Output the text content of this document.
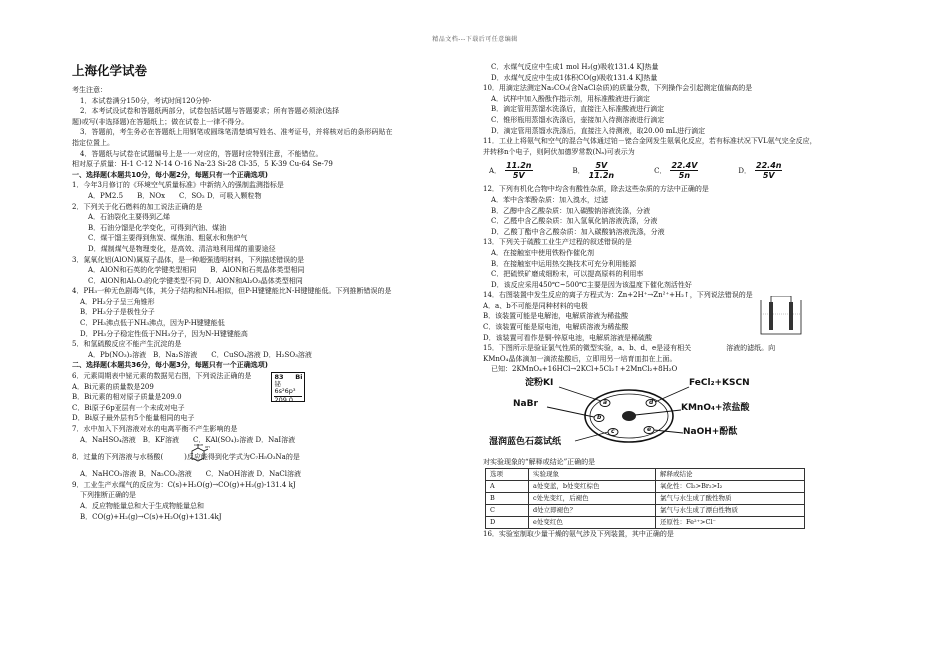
精品文档---下载后可任意编辑
上海化学试卷
考生注意：
1．本试卷满分150分，考试时间120分钟·
2．本考试设试卷和答题纸两部分，试卷包括试题与答题要求；所有答题必须涂(选择
题)或写(非选择题)在答题纸上；做在试卷上一律不得分。
3．答题前，考生务必在答题纸上用钢笔或圆珠笔清楚填写姓名、准考证号，并将核对后的条形码贴在
指定位置上。
4．答题纸与试卷在试题编号上是一一对应的，答题时应特别注意，不能错位。
相对原子质量：H-1 C-12 N-14 O-16 Na-23 Si-28 Cl-35．5 K-39 Cu-64 Se-79
一、选择题(本题共10分，每小题2分，每题只有一个正确选项)
1．今年3月修订的《环境空气质量标准》中新纳入的强制监测指标是
A．PM2.5　　B．NOx　　C．SO₂ D．可吸入颗粒物
2．下列关于化石燃料的加工说法正确的是
A．石油裂化主要得到乙烯
B．石油分馏是化学变化，可得到汽油、煤油
C．煤干馏主要得到焦炭、煤焦油、粗氨水和焦炉气
D．煤制煤气是物理变化，是高效、清洁地利用煤的重要途径
3．氮氧化铝(AlON)属原子晶体，是一种超强透明材料，下列描述错误的是
A．AlON和石英的化学键类型相同　　B．AlON和石英晶体类型相同
C．AlON和Al₂O₃的化学键类型不同 D．AlON和Al₂O₃晶体类型相同
4．PH₃一种无色剧毒气体，其分子结构和NH₃相似，但P-H键键能比N-H键键能低。下列推断错误的是
A．PH₃分子呈三角锥形
B．PH₃分子是极性分子
C．PH₃沸点低于NH₃沸点，因为P-H键键能低
D．PH₃分子稳定性低于NH₃分子，因为N-H键键能高
5．和氢硫酸反应不能产生沉淀的是
A．Pb(NO₃)₂溶液　B．Na₂S溶液　　C．CuSO₄溶液 D．H₂SO₃溶液
二、选择题(本题共36分，每小题3分，每题只有一个正确选项)
6．元素周期表中铋元素的数据见右图，下列说法正确的是
A．Bi元素的质量数是209
B．Bi元素的相对原子质量是209.0
83 Bi
铋
6s²6p³
209.0
C．Bi原子6p亚层有一个未成对电子
D．Bi原子最外层有5个能量相同的电子
7．水中加入下列溶液对水的电离平衡不产生影响的是
A．NaHSO₄溶液　B．KF溶液　　C．KAl(SO₄)₂溶液 D．NaI溶液
8．过量的下列溶液与水杨酸(　　　)反应能得到化学式为C₇H₅O₃Na的是
COOH OH
A．NaHCO₃溶液 B．Na₂CO₃溶液　　C．NaOH溶液 D．NaCl溶液
9．工业生产水煤气的反应为：C(s)+H₂O(g)→CO(g)+H₂(g)-131.4 kJ
下列推断正确的是
A．反应物能量总和大于生成物能量总和
B．CO(g)+H₂(g)→C(s)+H₂O(g)+131.4kJ
C．水煤气反应中生成1 mol H₂(g)吸收131.4 KJ热量
D．水煤气反应中生成1体积CO(g)吸收131.4 KJ热量
10．用滴定法测定Na₂CO₃(含NaCl杂质)的质量分数，下列操作会引起测定值偏高的是
A．试样中加入酚酞作指示剂，用标准酸液进行滴定
B．滴定管用蒸馏水洗涤后，直接注入标准酸液进行滴定
C．锥形瓶用蒸馏水洗涤后，壶接加入待测溶液进行滴定
D．滴定管用蒸馏水洗涤后，直接注入待测液，取20.00 mL进行滴定
11．工业上将氨气和空气的混合气体通过铂－铑合金网发生氨氧化反应，若有标准状况下VL氨气完全反应，
并转移n个电子，则阿伏加德罗常数(Nₐ)可表示为
A． $\frac{11.2n}{5V}$	B． $\frac{5V}{11.2n}$	C． $\frac{22.4V}{5n}$	D． $\frac{22.4n}{5V}$
12．下列有机化合物中均含有酸性杂质，除去这些杂质的方法中正确的是
A．苯中含苯酚杂质：加入溴水，过滤
B．乙醇中含乙酸杂质：加入碳酸钠溶液洗涤，分液
C．乙醛中含乙酸杂质：加入氢氧化钠溶液洗涤，分液
D．乙酸丁酯中含乙酸杂质：加入碳酸钠溶液洗涤，分液
13．下列关于硫酸工业生产过程的叙述错误的是
A．在接触室中使用铁粉作催化剂
B．在接触室中运用热交换技术可充分利用能源
C．把硫铁矿磨成细粉末，可以提高原料的利用率
D．该反应采用450℃~500℃主要是因为该温度下催化剂活性好
14．右图装置中发生反应的离子方程式为：Zn+2H⁺→Zn²⁺+H₂↑，下列说法错误的是
A．a、b不可能是同种材料的电极
B．该装置可能是电解池，电解质溶液为稀盐酸
C．该装置可能是原电池，电解质溶液为稀盐酸
D．该装置可看作是铜-锌原电池，电解质溶液是稀硫酸
15．下图所示是验证氯气性质的微型实验，a、b、d、e是浸有相关　　　　　溶液的滤纸。向
KMnO₄晶体滴加一滴浓盐酸后，立即用另一培育皿扣在上面。
已知：2KMnO₄+16HCl→2KCl+5Cl₂↑+2MnCl₂+8H₂O
淀粉KI
NaBr
湿润蓝色石蕊试纸
FeCl₂+KSCN
KMnO₄+浓盐酸
NaOH+酚酞
a
b
c
d
e
对实验现象的“解释或结论”正确的是
选项	实验现象	解释或结论
A	a处变蓝，b处变红棕色	氧化性：Cl₂>Br₂>I₂
B	c处先变红，后褪色	氯气与水生成了酸性物质
C	d处立即褪色？	氯气与水生成了漂白性物质
D	e处变红色	还原性：Fe²⁺>Cl⁻
16．实验室制取少量干燥的氨气涉及下列装置，其中正确的是
